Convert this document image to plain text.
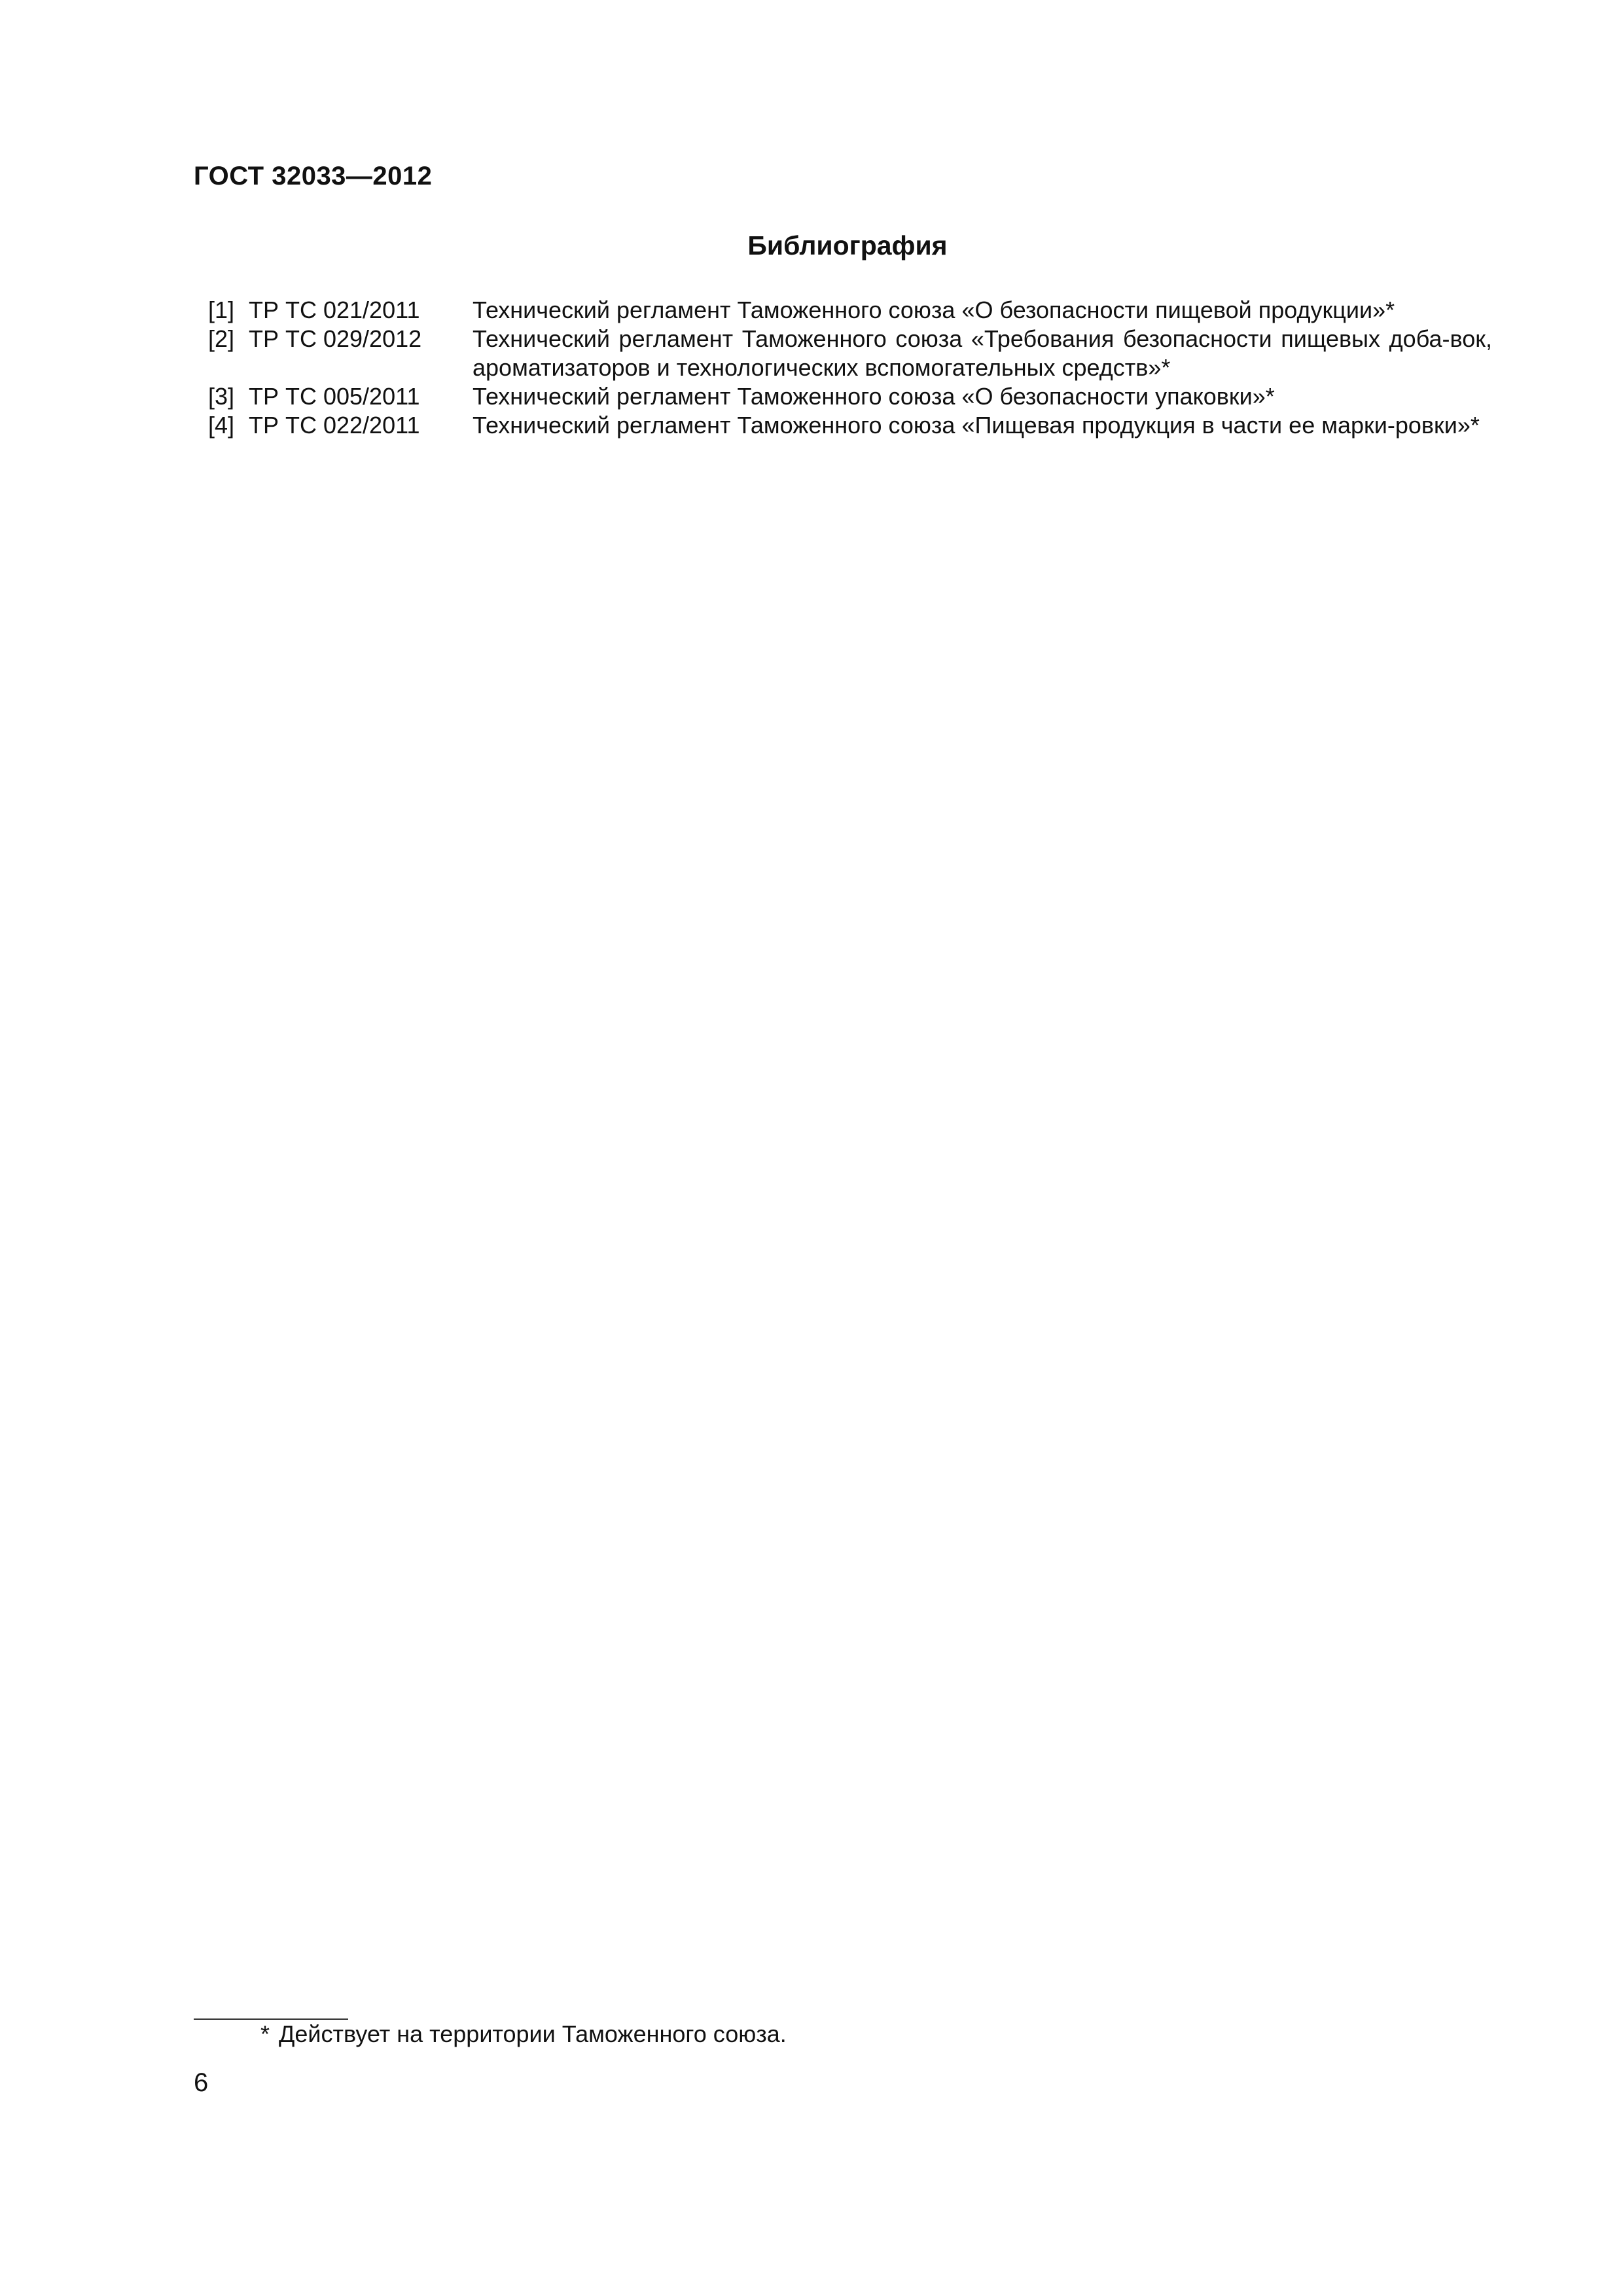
ГОСТ 32033—2012
Библиография
[1] ТР ТС 021/2011	Технический регламент Таможенного союза «О безопасности пищевой продукции»*
[2] ТР ТС 029/2012	Технический регламент Таможенного союза «Требования безопасности пищевых доба-вок, ароматизаторов и технологических вспомогательных средств»*
[3] ТР ТС 005/2011	Технический регламент Таможенного союза «О безопасности упаковки»*
[4] ТР ТС 022/2011	Технический регламент Таможенного союза «Пищевая продукция в части ее марки-ровки»*
* Действует на территории Таможенного союза.
6
